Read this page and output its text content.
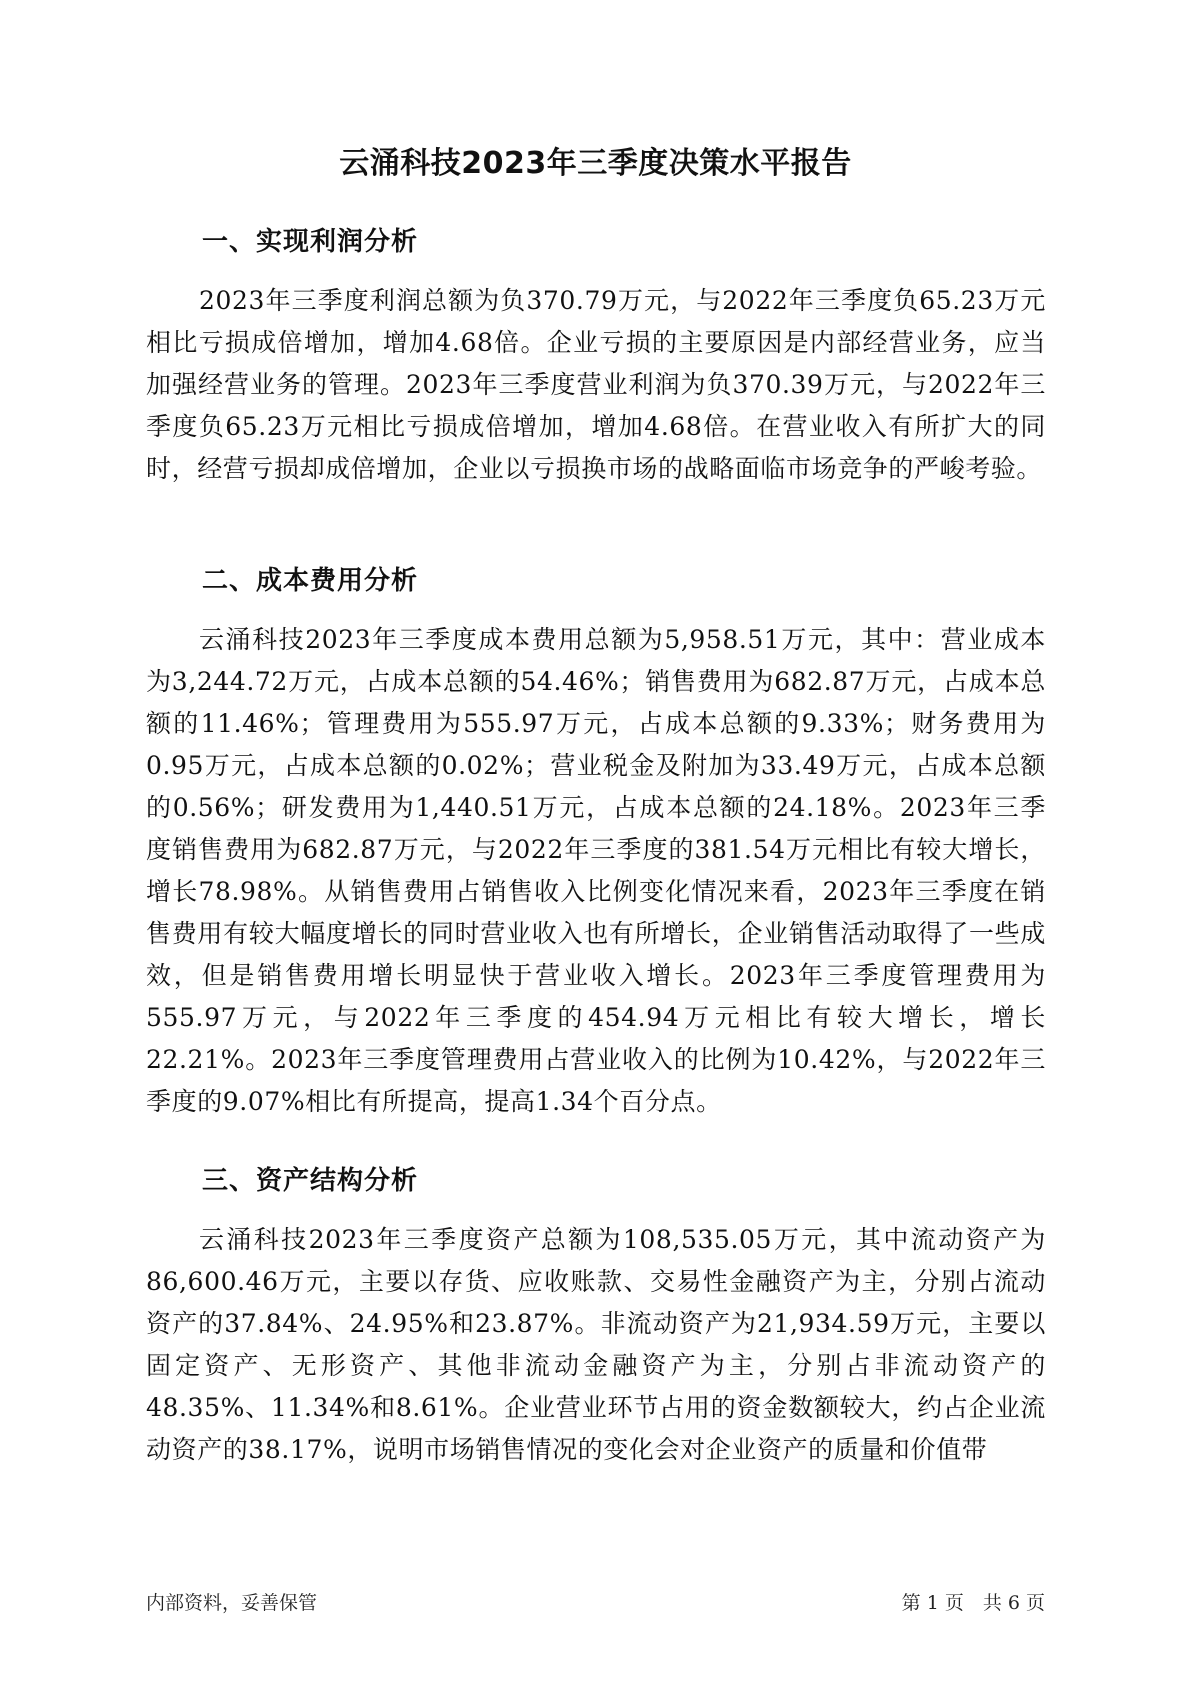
云涌科技2023年三季度决策水平报告
一、实现利润分析

2023年三季度利润总额为负370.79万元，与2022年三季度负65.23万元相比亏损成倍增加，增加4.68倍。企业亏损的主要原因是内部经营业务，应当加强经营业务的管理。2023年三季度营业利润为负370.39万元，与2022年三季度负65.23万元相比亏损成倍增加，增加4.68倍。在营业收入有所扩大的同时，经营亏损却成倍增加，企业以亏损换市场的战略面临市场竞争的严峻考验。

二、成本费用分析

云涌科技2023年三季度成本费用总额为5,958.51万元，其中：营业成本为3,244.72万元，占成本总额的54.46%；销售费用为682.87万元，占成本总额的11.46%；管理费用为555.97万元，占成本总额的9.33%；财务费用为0.95万元，占成本总额的0.02%；营业税金及附加为33.49万元，占成本总额的0.56%；研发费用为1,440.51万元，占成本总额的24.18%。2023年三季度销售费用为682.87万元，与2022年三季度的381.54万元相比有较大增长，增长78.98%。从销售费用占销售收入比例变化情况来看，2023年三季度在销售费用有较大幅度增长的同时营业收入也有所增长，企业销售活动取得了一些成效，但是销售费用增长明显快于营业收入增长。2023年三季度管理费用为555.97万元，与2022年三季度的454.94万元相比有较大增长，增长22.21%。2023年三季度管理费用占营业收入的比例为10.42%，与2022年三季度的9.07%相比有所提高，提高1.34个百分点。

三、资产结构分析

云涌科技2023年三季度资产总额为108,535.05万元，其中流动资产为86,600.46万元，主要以存货、应收账款、交易性金融资产为主，分别占流动资产的37.84%、24.95%和23.87%。非流动资产为21,934.59万元，主要以固定资产、无形资产、其他非流动金融资产为主，分别占非流动资产的48.35%、11.34%和8.61%。企业营业环节占用的资金数额较大，约占企业流动资产的38.17%，说明市场销售情况的变化会对企业资产的质量和价值带

内部资料，妥善保管	第 1 页　共 6 页
